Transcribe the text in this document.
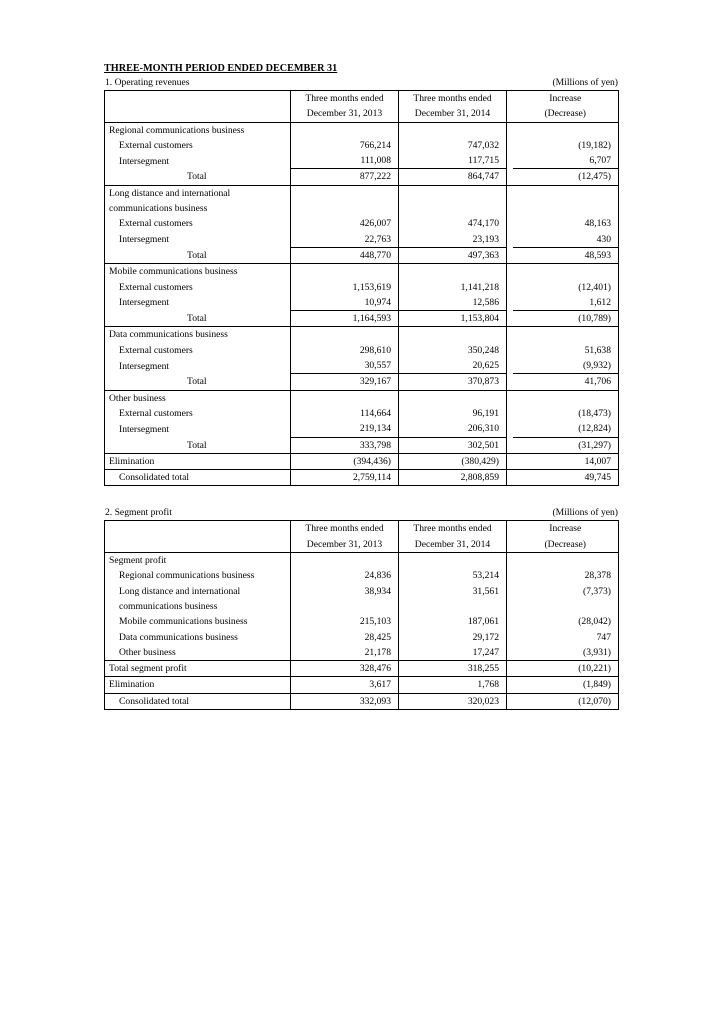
THREE-MONTH PERIOD ENDED DECEMBER 31
1. Operating revenues	(Millions of yen)
	Three months ended	Three months ended		Increase
	December 31, 2013	December 31, 2014		(Decrease)
Regional communications business				
External customers	766,214	747,032		(19,182)
Intersegment	111,008	117,715		6,707
Total	877,222	864,747		(12,475)
Long distance and international				
communications business				
External customers	426,007	474,170		48,163
Intersegment	22,763	23,193		430
Total	448,770	497,363		48,593
Mobile communications business				
External customers	1,153,619	1,141,218		(12,401)
Intersegment	10,974	12,586		1,612
Total	1,164,593	1,153,804		(10,789)
Data communications business				
External customers	298,610	350,248		51,638
Intersegment	30,557	20,625		(9,932)
Total	329,167	370,873		41,706
Other business				
External customers	114,664	96,191		(18,473)
Intersegment	219,134	206,310		(12,824)
Total	333,798	302,501		(31,297)
Elimination	(394,436)	(380,429)		14,007
Consolidated total	2,759,114	2,808,859		49,745
2. Segment profit	(Millions of yen)
	Three months ended	Three months ended		Increase
	December 31, 2013	December 31, 2014		(Decrease)
Segment profit				
Regional communications business	24,836	53,214		28,378
Long distance and international	38,934	31,561		(7,373)
communications business				
Mobile communications business	215,103	187,061		(28,042)
Data communications business	28,425	29,172		747
Other business	21,178	17,247		(3,931)
Total segment profit	328,476	318,255		(10,221)
Elimination	3,617	1,768		(1,849)
Consolidated total	332,093	320,023		(12,070)
